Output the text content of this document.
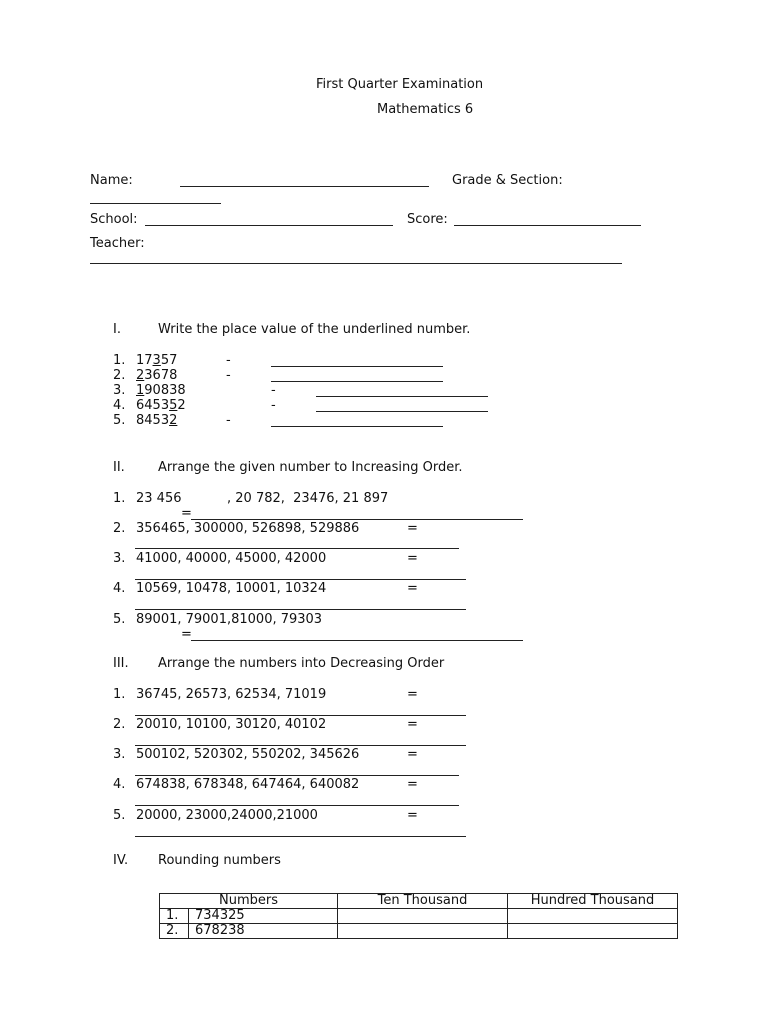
First Quarter Examination
Mathematics 6
Name:	Grade & Section:
School:	Score:
Teacher:
I.	Write the place value of the underlined number.
1. 17357	-
2. 23678	-
3. 190838	-
4. 645352	-
5. 84532	-
II.	Arrange the given number to Increasing Order.
1. 23 456	, 20 782,  23476, 21 897
=
2. 356465, 300000, 526898, 529886	=
3. 41000, 40000, 45000, 42000	=
4. 10569, 10478, 10001, 10324	=
5. 89001, 79001,81000, 79303
=
III. Arrange the numbers into Decreasing Order
1. 36745, 26573, 62534, 71019	=
2. 20010, 10100, 30120, 40102	=
3. 500102, 520302, 550202, 345626	=
4. 674838, 678348, 647464, 640082	=
5. 20000, 23000,24000,21000	=
IV. Rounding numbers
Numbers		Ten Thousand	Hundred Thousand
1.	734325		
2.	678238		
